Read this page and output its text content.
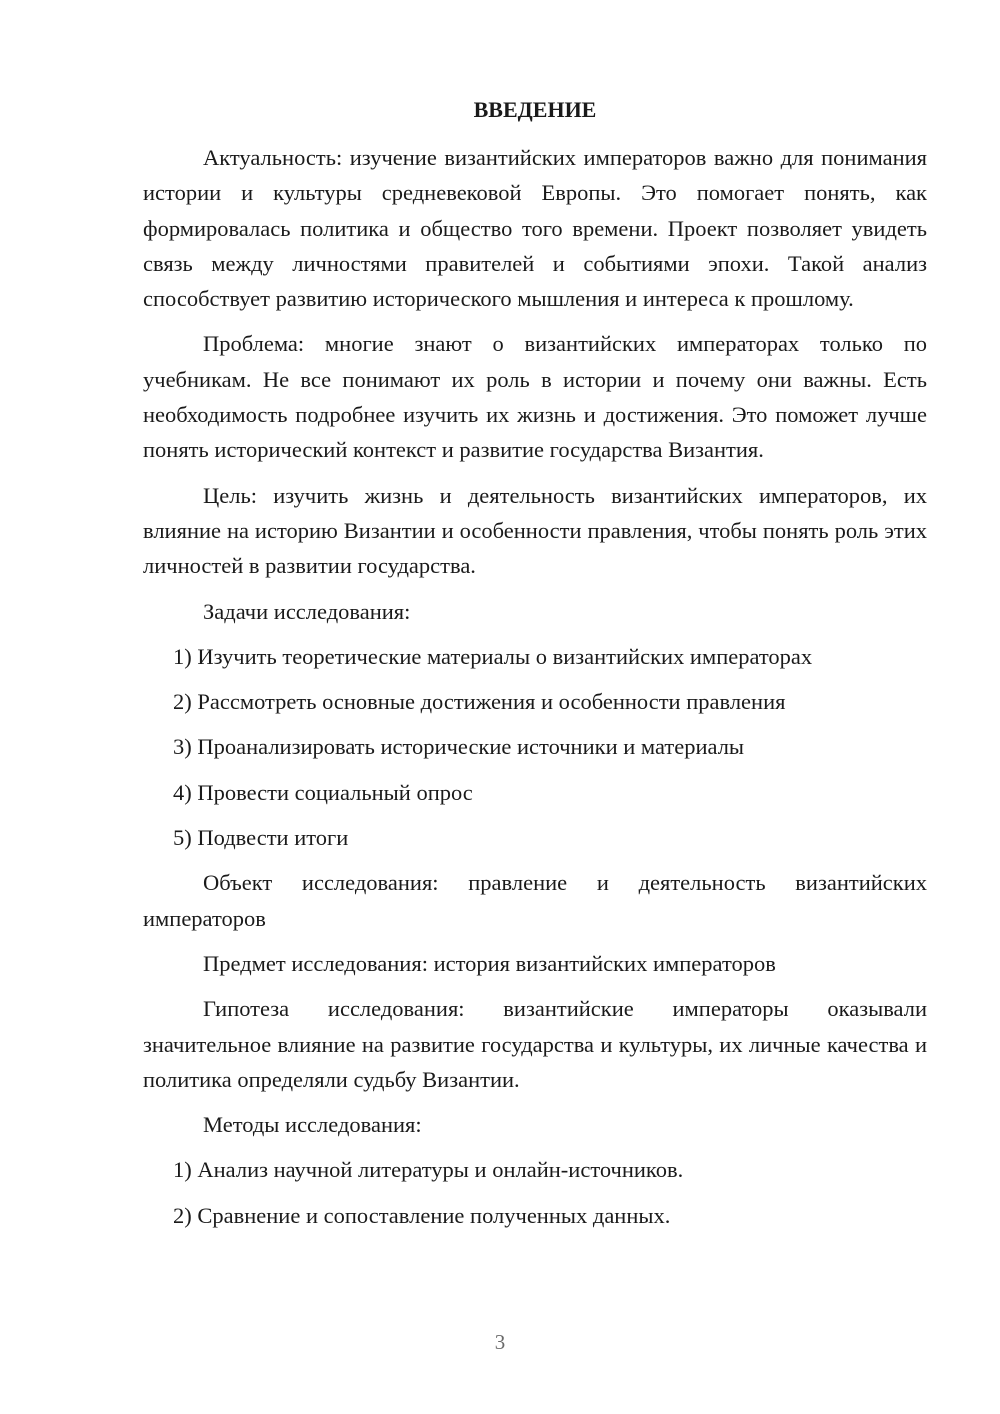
ВВЕДЕНИЕ

Актуальность: изучение византийских императоров важно для понимания истории и культуры средневековой Европы. Это помогает понять, как формировалась политика и общество того времени. Проект позволяет увидеть связь между личностями правителей и событиями эпохи. Такой анализ способствует развитию исторического мышления и интереса к прошлому.

Проблема: многие знают о византийских императорах только по учебникам. Не все понимают их роль в истории и почему они важны. Есть необходимость подробнее изучить их жизнь и достижения. Это поможет лучше понять исторический контекст и развитие государства Византия.

Цель: изучить жизнь и деятельность византийских императоров, их влияние на историю Византии и особенности правления, чтобы понять роль этих личностей в развитии государства.

Задачи исследования:

1) Изучить теоретические материалы о византийских императорах

2) Рассмотреть основные достижения и особенности правления

3) Проанализировать исторические источники и материалы

4) Провести социальный опрос

5) Подвести итоги

Объект исследования: правление и деятельность византийских императоров

Предмет исследования: история византийских императоров

Гипотеза исследования: византийские императоры оказывали значительное влияние на развитие государства и культуры, их личные качества и политика определяли судьбу Византии.

Методы исследования:

1) Анализ научной литературы и онлайн-источников.

2) Сравнение и сопоставление полученных данных.

3
